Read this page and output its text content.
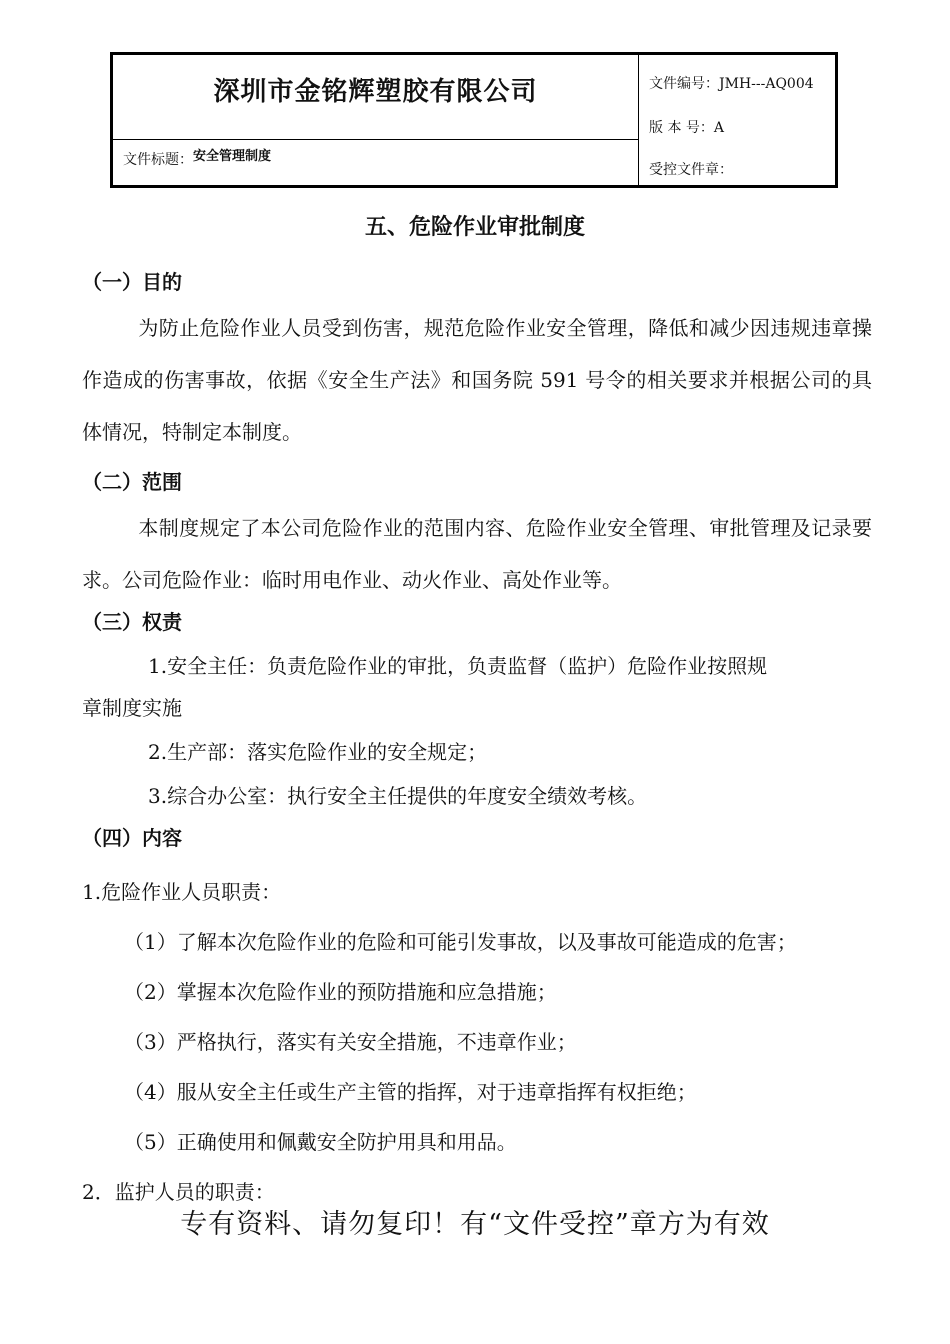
深圳市金铭辉塑胶有限公司
文件标题：安全管理制度
文件编号：JMH---AQ004
版 本 号：A
受控文件章：
五、危险作业审批制度
（一）目的
为防止危险作业人员受到伤害，规范危险作业安全管理，降低和减少因违规违章操作造成的伤害事故，依据《安全生产法》和国务院 591 号令的相关要求并根据公司的具体情况，特制定本制度。
（二）范围
本制度规定了本公司危险作业的范围内容、危险作业安全管理、审批管理及记录要求。公司危险作业：临时用电作业、动火作业、高处作业等。
（三）权责
1.安全主任：负责危险作业的审批，负责监督（监护）危险作业按照规
章制度实施
2.生产部：落实危险作业的安全规定；
3.综合办公室：执行安全主任提供的年度安全绩效考核。
（四）内容
1.危险作业人员职责：
（1）了解本次危险作业的危险和可能引发事故，以及事故可能造成的危害；
（2）掌握本次危险作业的预防措施和应急措施；
（3）严格执行，落实有关安全措施，不违章作业；
（4）服从安全主任或生产主管的指挥，对于违章指挥有权拒绝；
（5）正确使用和佩戴安全防护用具和用品。
2．监护人员的职责：
专有资料、请勿复印！有“文件受控”章方为有效
